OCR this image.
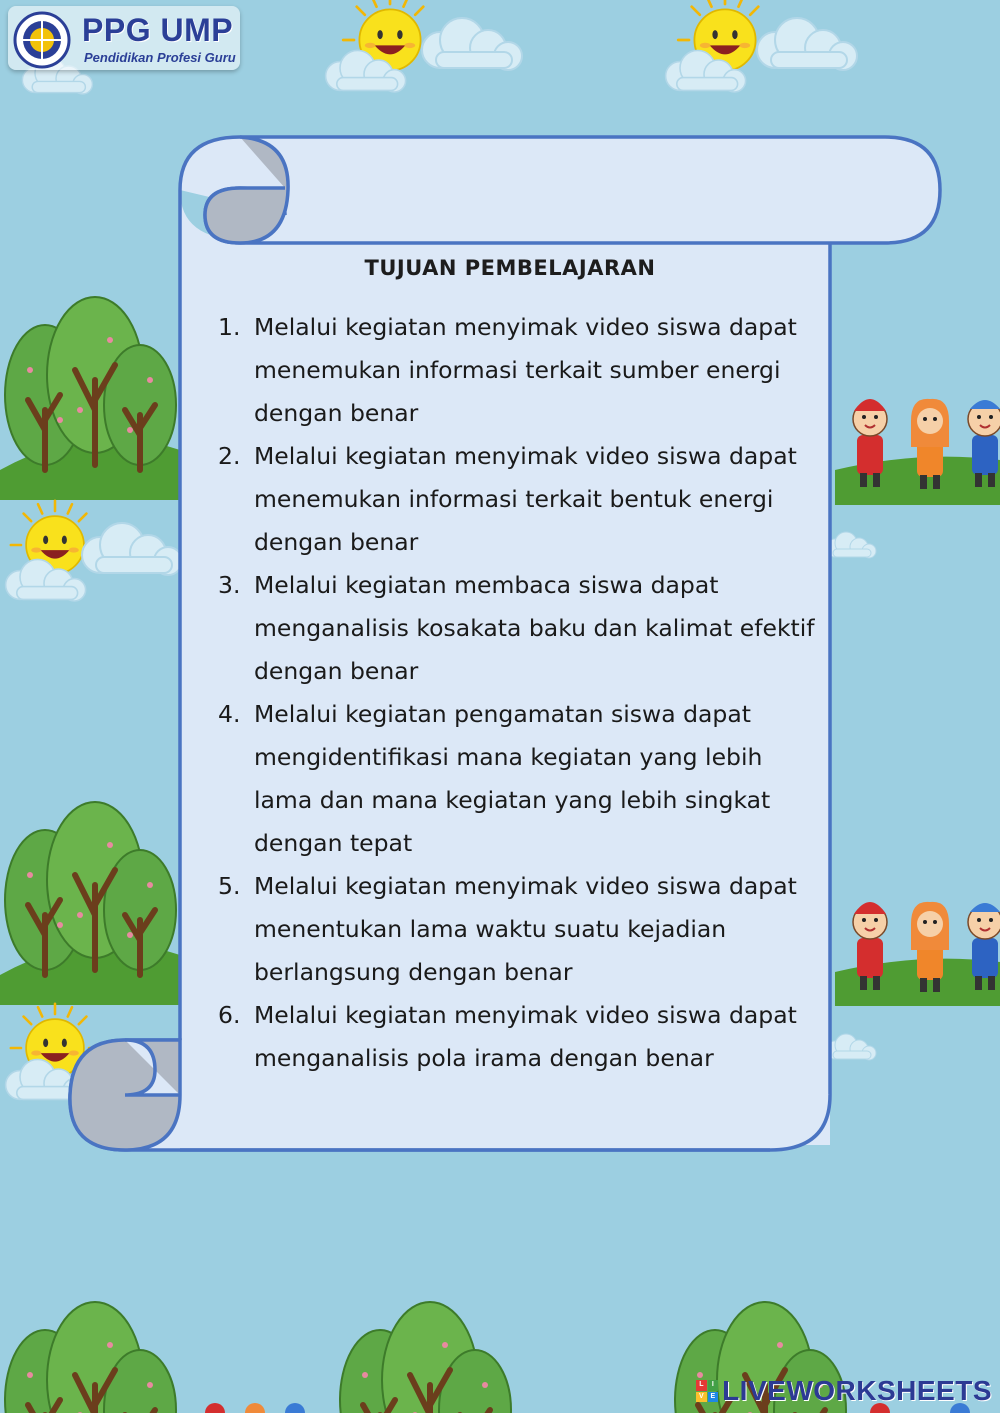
PPG UMP
Pendidikan Profesi Guru
TUJUAN PEMBELAJARAN
1. Melalui kegiatan menyimak video siswa dapat menemukan informasi terkait sumber energi dengan benar
2. Melalui kegiatan menyimak video siswa dapat menemukan informasi terkait bentuk energi dengan benar
3. Melalui kegiatan membaca siswa dapat menganalisis kosakata baku dan kalimat efektif dengan benar
4. Melalui kegiatan pengamatan siswa dapat mengidentifikasi mana kegiatan yang lebih lama dan mana kegiatan yang lebih singkat dengan tepat
5. Melalui kegiatan menyimak video siswa dapat menentukan lama waktu suatu kejadian berlangsung dengan benar
6. Melalui kegiatan menyimak video siswa dapat menganalisis pola irama dengan benar
L	I
V E LIVEWORKSHEETS
